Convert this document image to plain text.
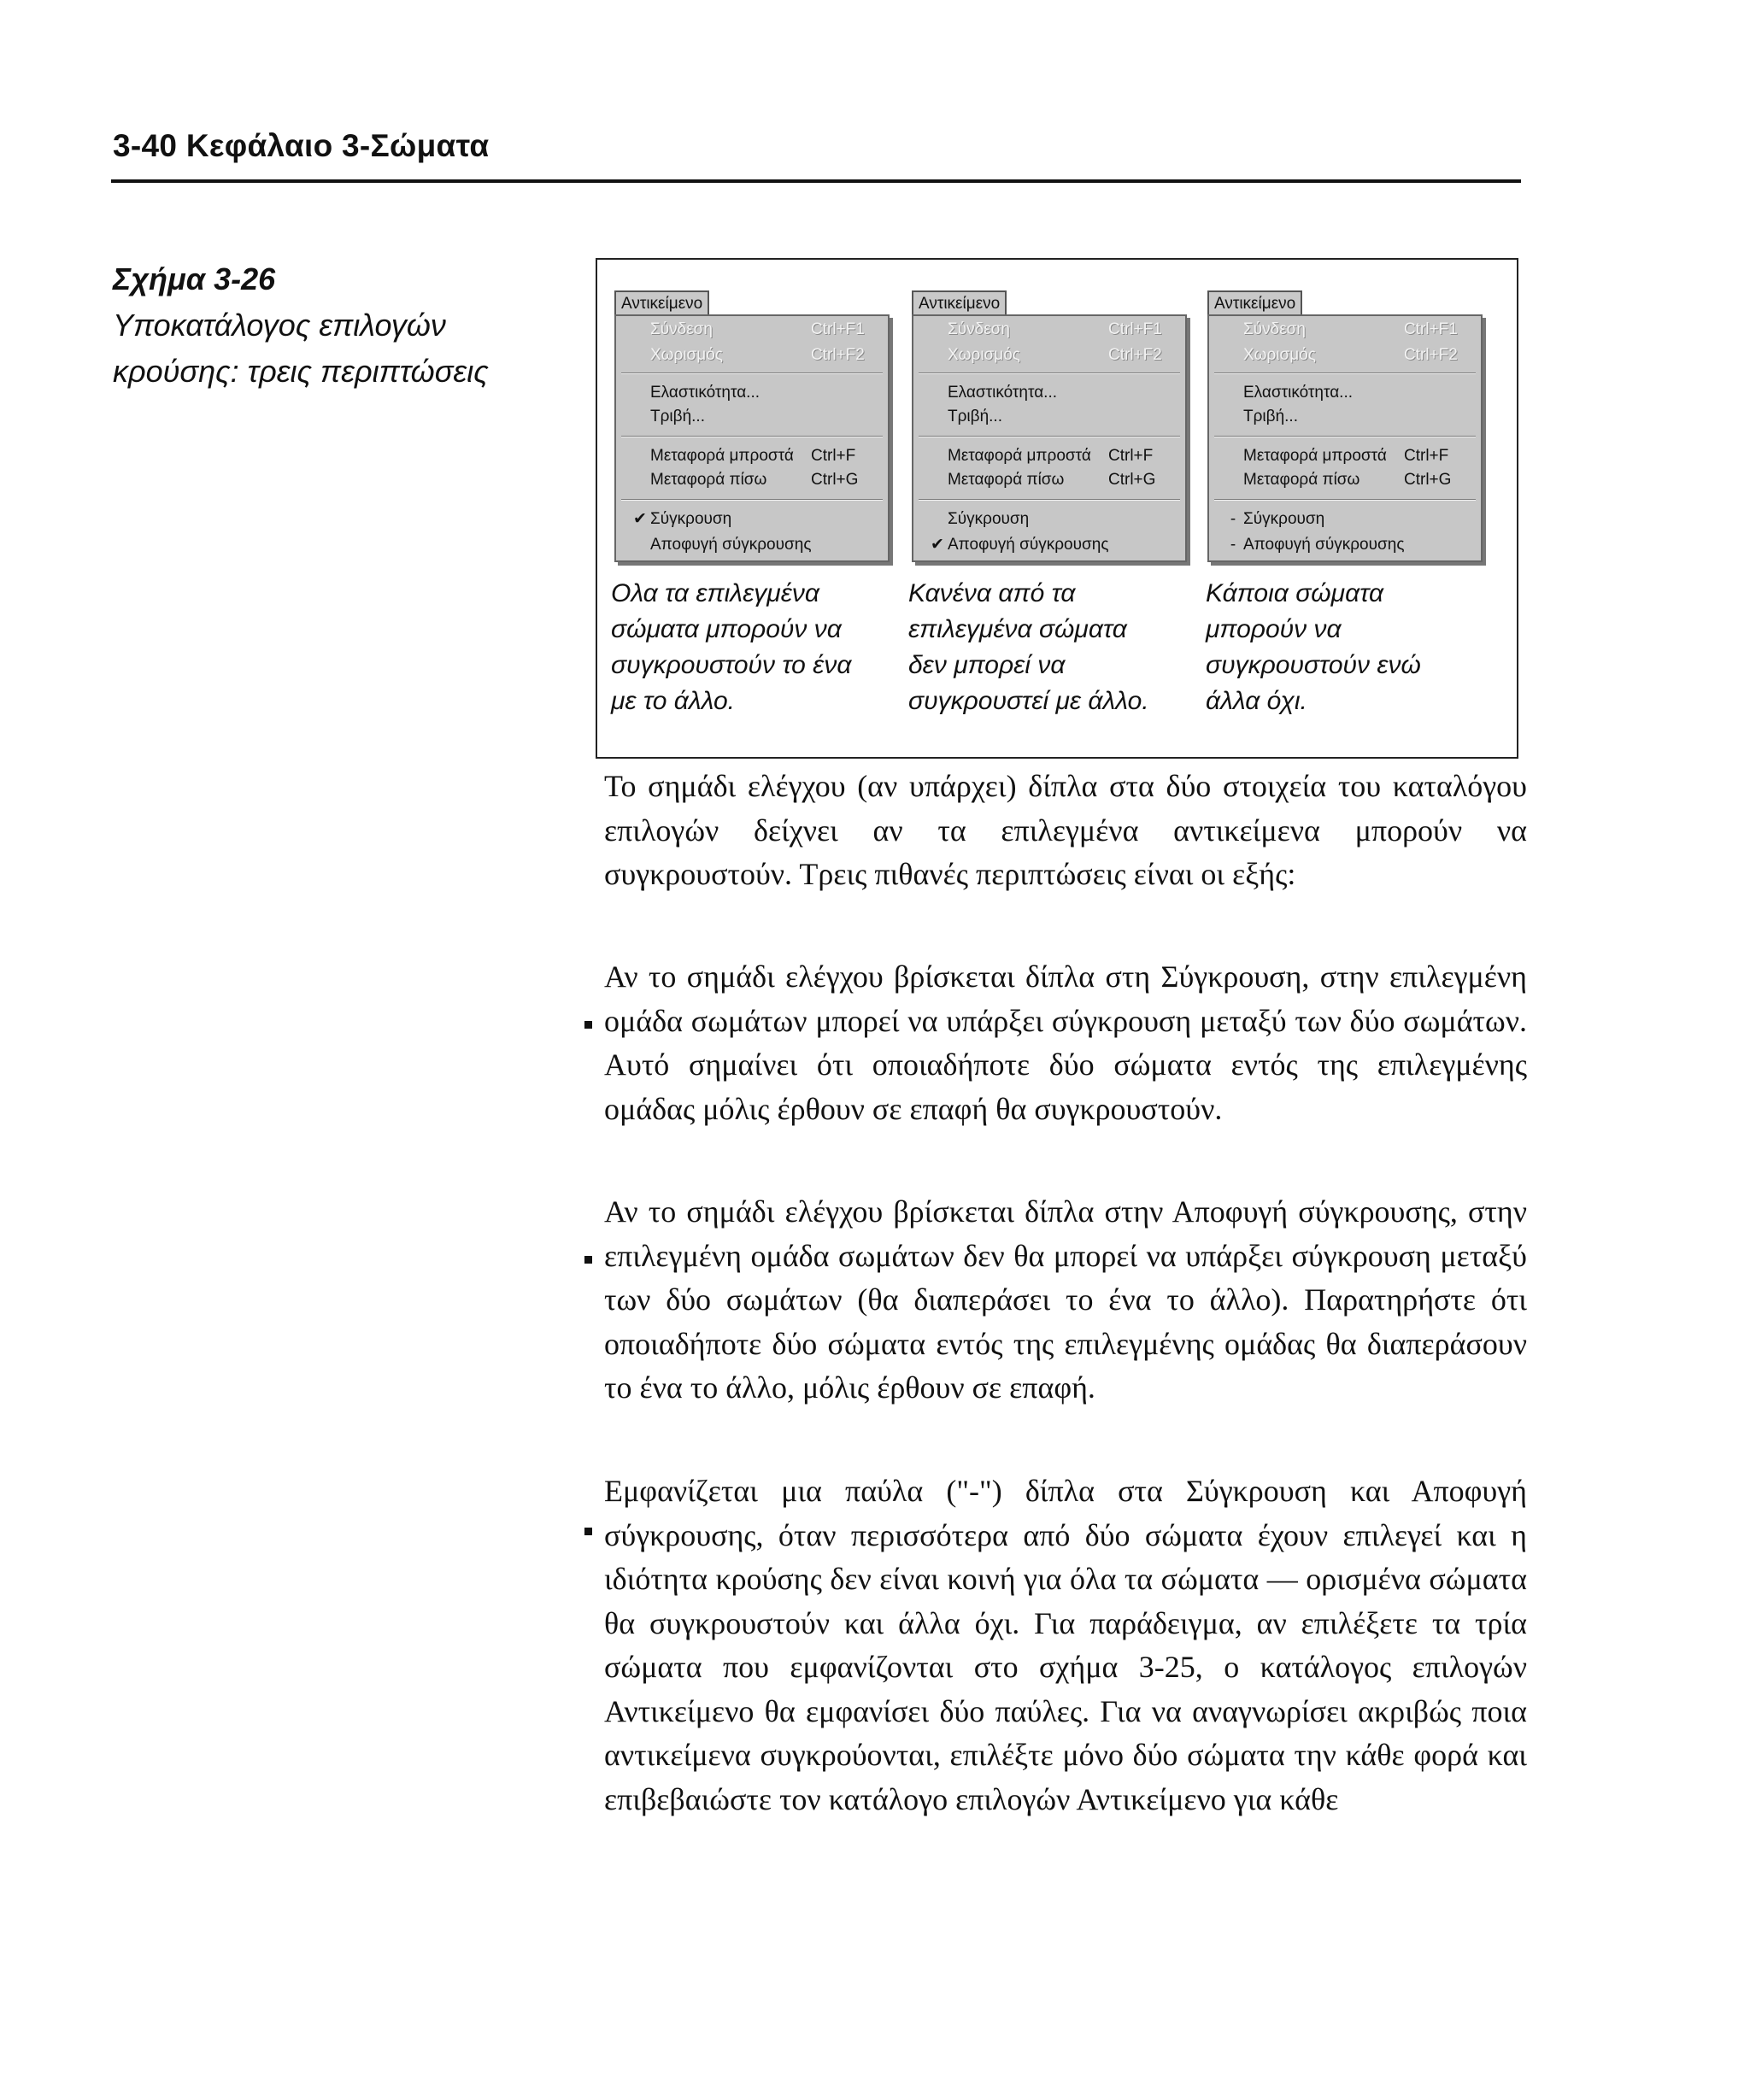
3-40 Κεφάλαιο 3-Σώματα
Σχήμα 3-26
Υποκατάλογος επιλογών
κρούσης: τρεις περιπτώσεις
Αντικείμενο
Σύνδεση	Ctrl+F1
Χωρισμός	Ctrl+F2
Ελαστικότητα...
Τριβή...
Μεταφορά μπροστά Ctrl+F
Μεταφορά πίσω	Ctrl+G
✔ Σύγκρουση
Αποφυγή σύγκρουσης
Αντικείμενο
Σύνδεση	Ctrl+F1
Χωρισμός	Ctrl+F2
Ελαστικότητα...
Τριβή...
Μεταφορά μπροστά Ctrl+F
Μεταφορά πίσω	Ctrl+G
Σύγκρουση
✔ Αποφυγή σύγκρουσης
Αντικείμενο
Σύνδεση	Ctrl+F1
Χωρισμός	Ctrl+F2
Ελαστικότητα...
Τριβή...
Μεταφορά μπροστά Ctrl+F
Μεταφορά πίσω	Ctrl+G
- Σύγκρουση
- Αποφυγή σύγκρουσης
Ολα τα επιλεγμένα
σώματα μπορούν να
συγκρουστούν το ένα
με το άλλο.
Κανένα από τα
επιλεγμένα σώματα
δεν μπορεί να
συγκρουστεί με άλλο.
Κάποια σώματα
μπορούν να
συγκρουστούν ενώ
άλλα όχι.
Το σημάδι ελέγχου (αν υπάρχει) δίπλα στα δύο στοιχεία του καταλόγου επιλογών δείχνει αν τα επιλεγμένα αντικείμενα μπορούν να συγκρουστούν. Τρεις πιθανές περιπτώσεις είναι οι εξής:
Αν το σημάδι ελέγχου βρίσκεται δίπλα στη Σύγκρουση, στην επιλεγμένη ομάδα σωμάτων μπορεί να υπάρξει σύγκρουση μεταξύ των δύο σωμάτων. Αυτό σημαίνει ότι οποιαδήποτε δύο σώματα εντός της επιλεγμένης ομάδας μόλις έρθουν σε επαφή θα συγκρουστούν.
Αν το σημάδι ελέγχου βρίσκεται δίπλα στην Αποφυγή σύγκρουσης, στην επιλεγμένη ομάδα σωμάτων δεν θα μπορεί να υπάρξει σύγκρουση μεταξύ των δύο σωμάτων (θα διαπεράσει το ένα το άλλο). Παρατηρήστε ότι οποιαδήποτε δύο σώματα εντός της επιλεγμένης ομάδας θα διαπεράσουν το ένα το άλλο, μόλις έρθουν σε επαφή.
Εμφανίζεται μια παύλα ("-") δίπλα στα Σύγκρουση και Αποφυγή σύγκρουσης, όταν περισσότερα από δύο σώματα έχουν επιλεγεί και η ιδιότητα κρούσης δεν είναι κοινή για όλα τα σώματα — ορισμένα σώματα θα συγκρουστούν και άλλα όχι. Για παράδειγμα, αν επιλέξετε τα τρία σώματα που εμφανίζονται στο σχήμα 3-25, ο κατάλογος επιλογών Αντικείμενο θα εμφανίσει δύο παύλες. Για να αναγνωρίσει ακριβώς ποια αντικείμενα συγκρούονται, επιλέξτε μόνο δύο σώματα την κάθε φορά και επιβεβαιώστε τον κατάλογο επιλογών Αντικείμενο για κάθε
